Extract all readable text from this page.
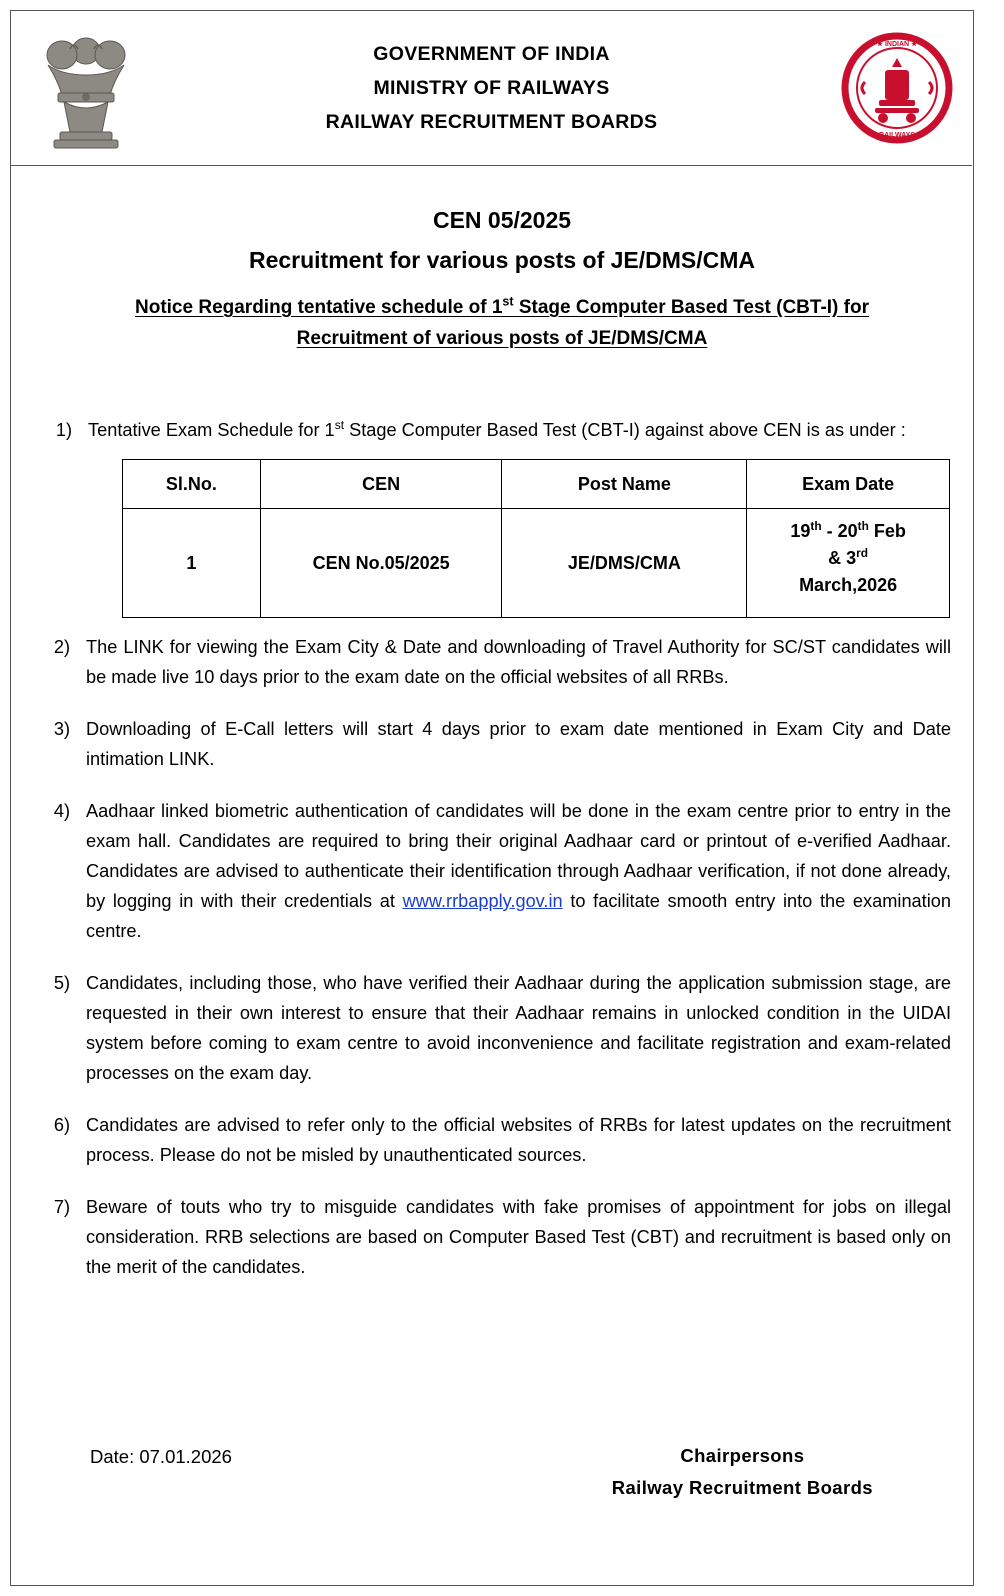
GOVERNMENT OF INDIA
MINISTRY OF RAILWAYS
RAILWAY RECRUITMENT BOARDS
★ INDIAN ★
RAILWAYS
CEN 05/2025
Recruitment for various posts of JE/DMS/CMA
Notice Regarding tentative schedule of 1st Stage Computer Based Test (CBT-I) for
Recruitment of various posts of JE/DMS/CMA
1) Tentative Exam Schedule for 1st Stage Computer Based Test (CBT-I) against above CEN is as under :
Sl.No.	CEN	Post Name	Exam Date
1	CEN No.05/2025	JE/DMS/CMA	19th - 20th Feb
& 3rd
March,2026
2) The LINK for viewing the Exam City & Date and downloading of Travel Authority for SC/ST candidates will be made live 10 days prior to the exam date on the official websites of all RRBs.
3) Downloading of E-Call letters will start 4 days prior to exam date mentioned in Exam City and Date intimation LINK.
4) Aadhaar linked biometric authentication of candidates will be done in the exam centre prior to entry in the exam hall. Candidates are required to bring their original Aadhaar card or printout of e-verified Aadhaar. Candidates are advised to authenticate their identification through Aadhaar verification, if not done already, by logging in with their credentials at www.rrbapply.gov.in to facilitate smooth entry into the examination centre.
5) Candidates, including those, who have verified their Aadhaar during the application submission stage, are requested in their own interest to ensure that their Aadhaar remains in unlocked condition in the UIDAI system before coming to exam centre to avoid inconvenience and facilitate registration and exam-related processes on the exam day.
6) Candidates are advised to refer only to the official websites of RRBs for latest updates on the recruitment process. Please do not be misled by unauthenticated sources.
7) Beware of touts who try to misguide candidates with fake promises of appointment for jobs on illegal consideration. RRB selections are based on Computer Based Test (CBT) and recruitment is based only on the merit of the candidates.
Date: 07.01.2026	Chairpersons
Railway Recruitment Boards
